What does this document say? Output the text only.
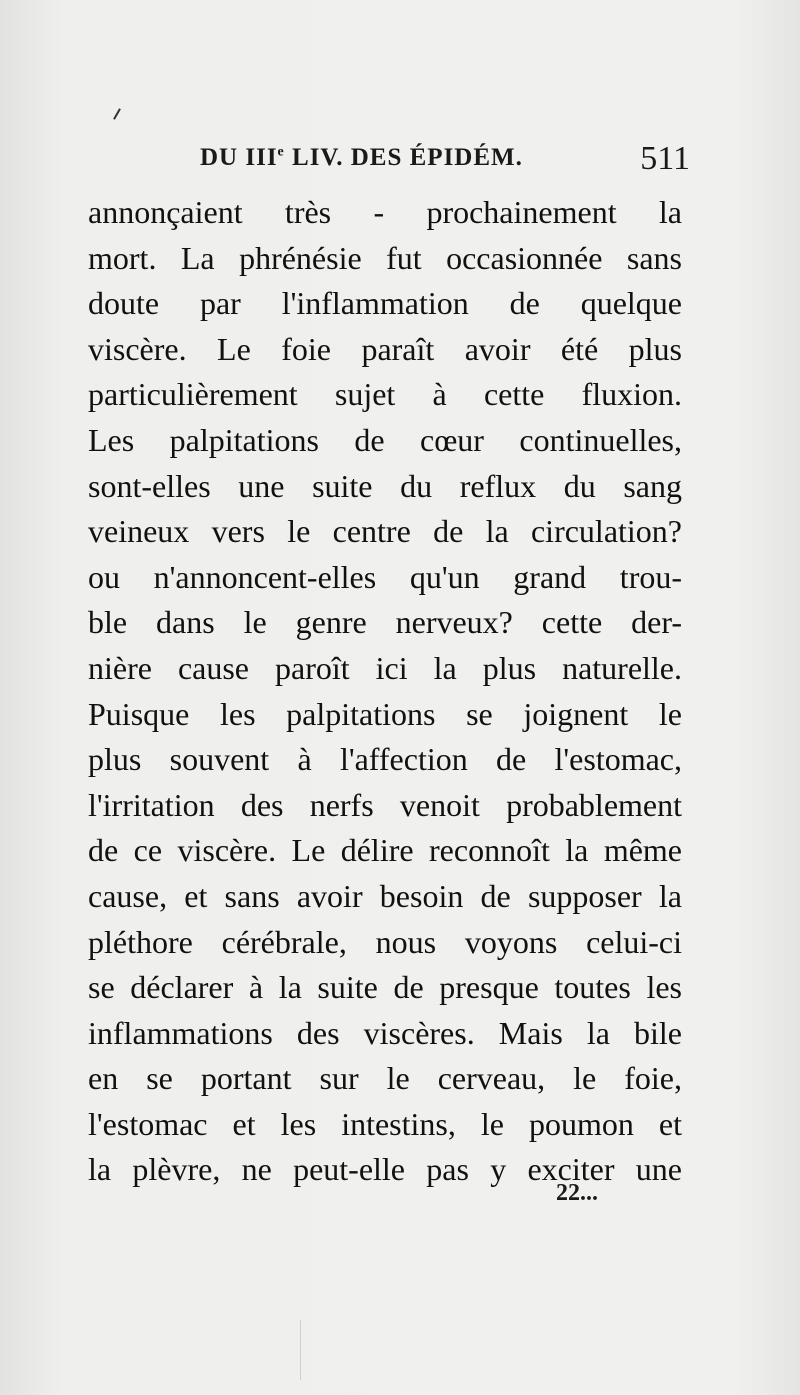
DU IIIe LIV. DES ÉPIDÉM.	511
annonçaient très - prochainement la
mort. La phrénésie fut occasionnée sans
doute par l'inflammation de quelque
viscère. Le foie paraît avoir été plus
particulièrement sujet à cette fluxion.
Les palpitations de cœur continuelles,
sont-elles une suite du reflux du sang
veineux vers le centre de la circulation?
ou n'annoncent-elles qu'un grand trou-
ble dans le genre nerveux? cette der-
nière cause paroît ici la plus naturelle.
Puisque les palpitations se joignent le
plus souvent à l'affection de l'estomac,
l'irritation des nerfs venoit probablement
de ce viscère. Le délire reconnoît la même
cause, et sans avoir besoin de supposer la
pléthore cérébrale, nous voyons celui-ci
se déclarer à la suite de presque toutes les
inflammations des viscères. Mais la bile
en se portant sur le cerveau, le foie,
l'estomac et les intestins, le poumon et
la plèvre, ne peut-elle pas y exciter une
22...
